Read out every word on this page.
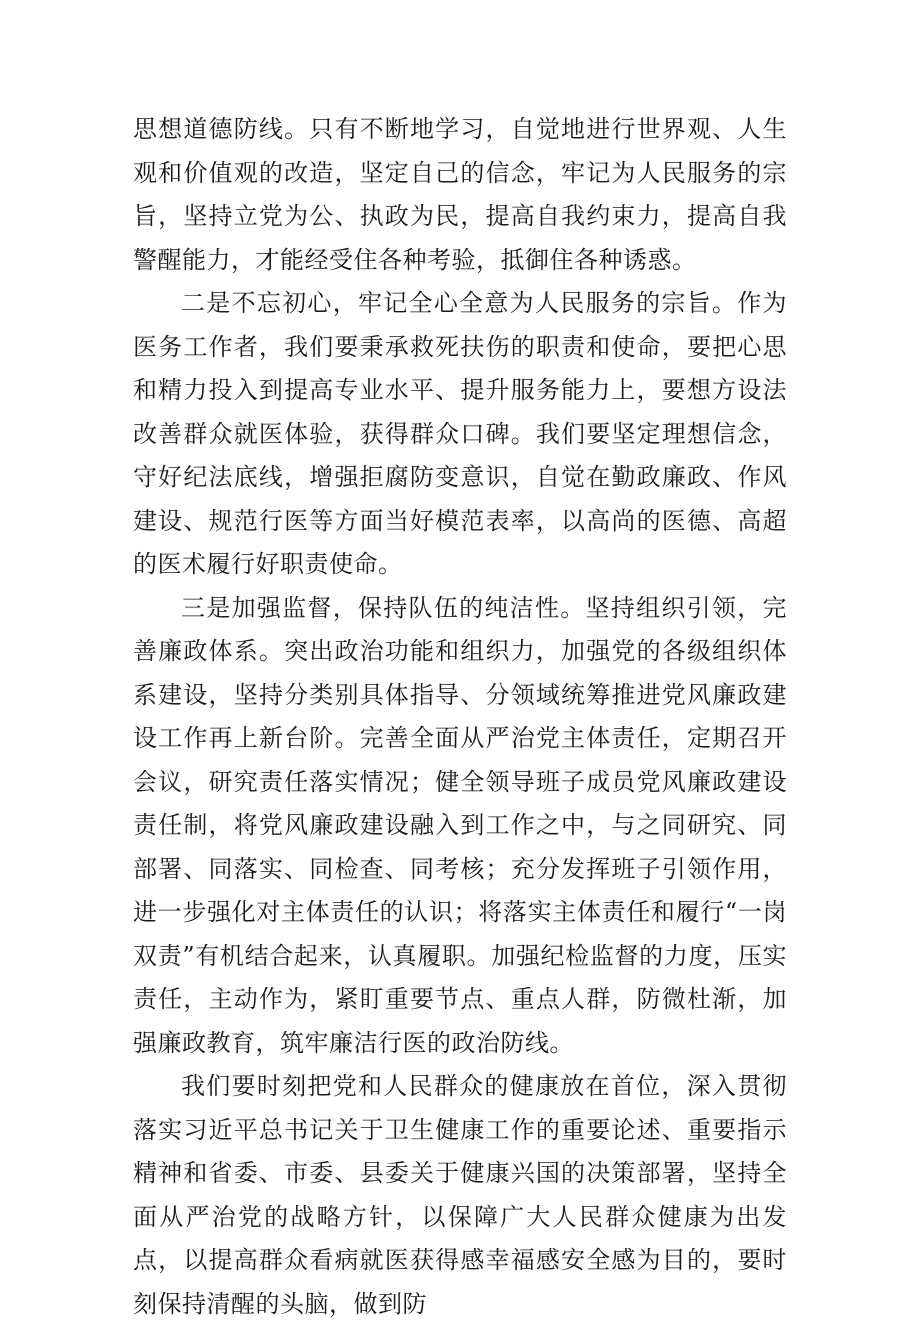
思想道德防线。只有不断地学习，自觉地进行世界观、人生观和价值观的改造，坚定自己的信念，牢记为人民服务的宗旨，坚持立党为公、执政为民，提高自我约束力，提高自我警醒能力，才能经受住各种考验，抵御住各种诱惑。

二是不忘初心，牢记全心全意为人民服务的宗旨。作为医务工作者，我们要秉承救死扶伤的职责和使命，要把心思和精力投入到提高专业水平、提升服务能力上，要想方设法改善群众就医体验，获得群众口碑。我们要坚定理想信念，守好纪法底线，增强拒腐防变意识，自觉在勤政廉政、作风建设、规范行医等方面当好模范表率，以高尚的医德、高超的医术履行好职责使命。

三是加强监督，保持队伍的纯洁性。坚持组织引领，完善廉政体系。突出政治功能和组织力，加强党的各级组织体系建设，坚持分类别具体指导、分领域统筹推进党风廉政建设工作再上新台阶。完善全面从严治党主体责任，定期召开会议，研究责任落实情况；健全领导班子成员党风廉政建设责任制，将党风廉政建设融入到工作之中，与之同研究、同部署、同落实、同检查、同考核；充分发挥班子引领作用，进一步强化对主体责任的认识；将落实主体责任和履行“一岗双责”有机结合起来，认真履职。加强纪检监督的力度，压实责任，主动作为，紧盯重要节点、重点人群，防微杜渐，加强廉政教育，筑牢廉洁行医的政治防线。

我们要时刻把党和人民群众的健康放在首位，深入贯彻落实习近平总书记关于卫生健康工作的重要论述、重要指示精神和省委、市委、县委关于健康兴国的决策部署，坚持全面从严治党的战略方针，以保障广大人民群众健康为出发点，以提高群众看病就医获得感幸福感安全感为目的，要时刻保持清醒的头脑，做到防
